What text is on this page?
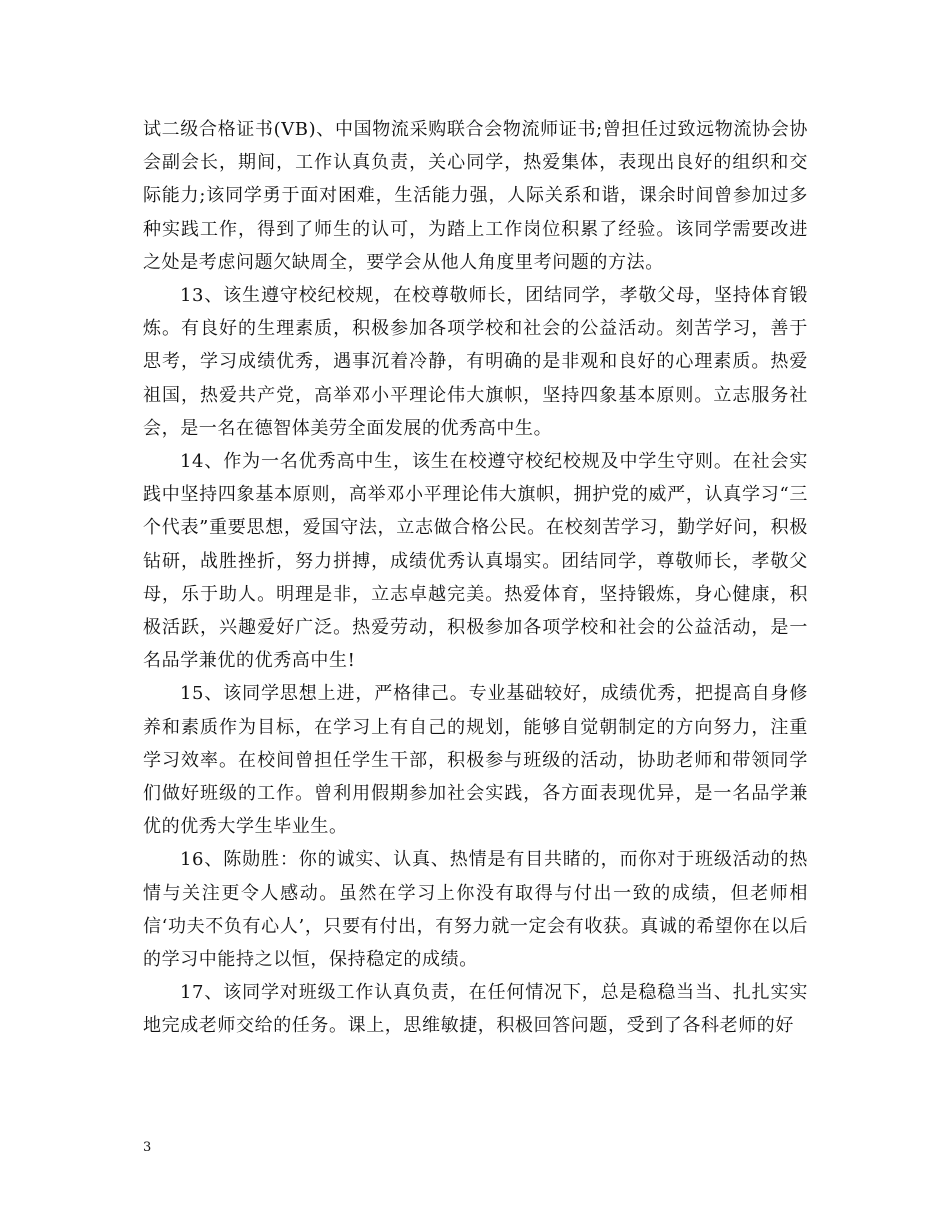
试二级合格证书(VB)、中国物流采购联合会物流师证书;曾担任过致远物流协会协会副会长，期间，工作认真负责，关心同学，热爱集体，表现出良好的组织和交际能力;该同学勇于面对困难，生活能力强，人际关系和谐，课余时间曾参加过多种实践工作，得到了师生的认可，为踏上工作岗位积累了经验。该同学需要改进之处是考虑问题欠缺周全，要学会从他人角度里考问题的方法。

13、该生遵守校纪校规，在校尊敬师长，团结同学，孝敬父母，坚持体育锻炼。有良好的生理素质，积极参加各项学校和社会的公益活动。刻苦学习，善于思考，学习成绩优秀，遇事沉着冷静，有明确的是非观和良好的心理素质。热爱祖国，热爱共产党，高举邓小平理论伟大旗帜，坚持四象基本原则。立志服务社会，是一名在德智体美劳全面发展的优秀高中生。

14、作为一名优秀高中生，该生在校遵守校纪校规及中学生守则。在社会实践中坚持四象基本原则，高举邓小平理论伟大旗帜，拥护党的威严，认真学习“三个代表”重要思想，爱国守法，立志做合格公民。在校刻苦学习，勤学好问，积极钻研，战胜挫折，努力拼搏，成绩优秀认真塌实。团结同学，尊敬师长，孝敬父母，乐于助人。明理是非，立志卓越完美。热爱体育，坚持锻炼，身心健康，积极活跃，兴趣爱好广泛。热爱劳动，积极参加各项学校和社会的公益活动，是一名品学兼优的优秀高中生!

15、该同学思想上进，严格律己。专业基础较好，成绩优秀，把提高自身修养和素质作为目标，在学习上有自己的规划，能够自觉朝制定的方向努力，注重学习效率。在校间曾担任学生干部，积极参与班级的活动，协助老师和带领同学们做好班级的工作。曾利用假期参加社会实践，各方面表现优异，是一名品学兼优的优秀大学生毕业生。

16、陈勋胜：你的诚实、认真、热情是有目共睹的，而你对于班级活动的热情与关注更令人感动。虽然在学习上你没有取得与付出一致的成绩，但老师相信‘功夫不负有心人’，只要有付出，有努力就一定会有收获。真诚的希望你在以后的学习中能持之以恒，保持稳定的成绩。

17、该同学对班级工作认真负责，在任何情况下，总是稳稳当当、扎扎实实地完成老师交给的任务。课上，思维敏捷，积极回答问题，受到了各科老师的好

3
